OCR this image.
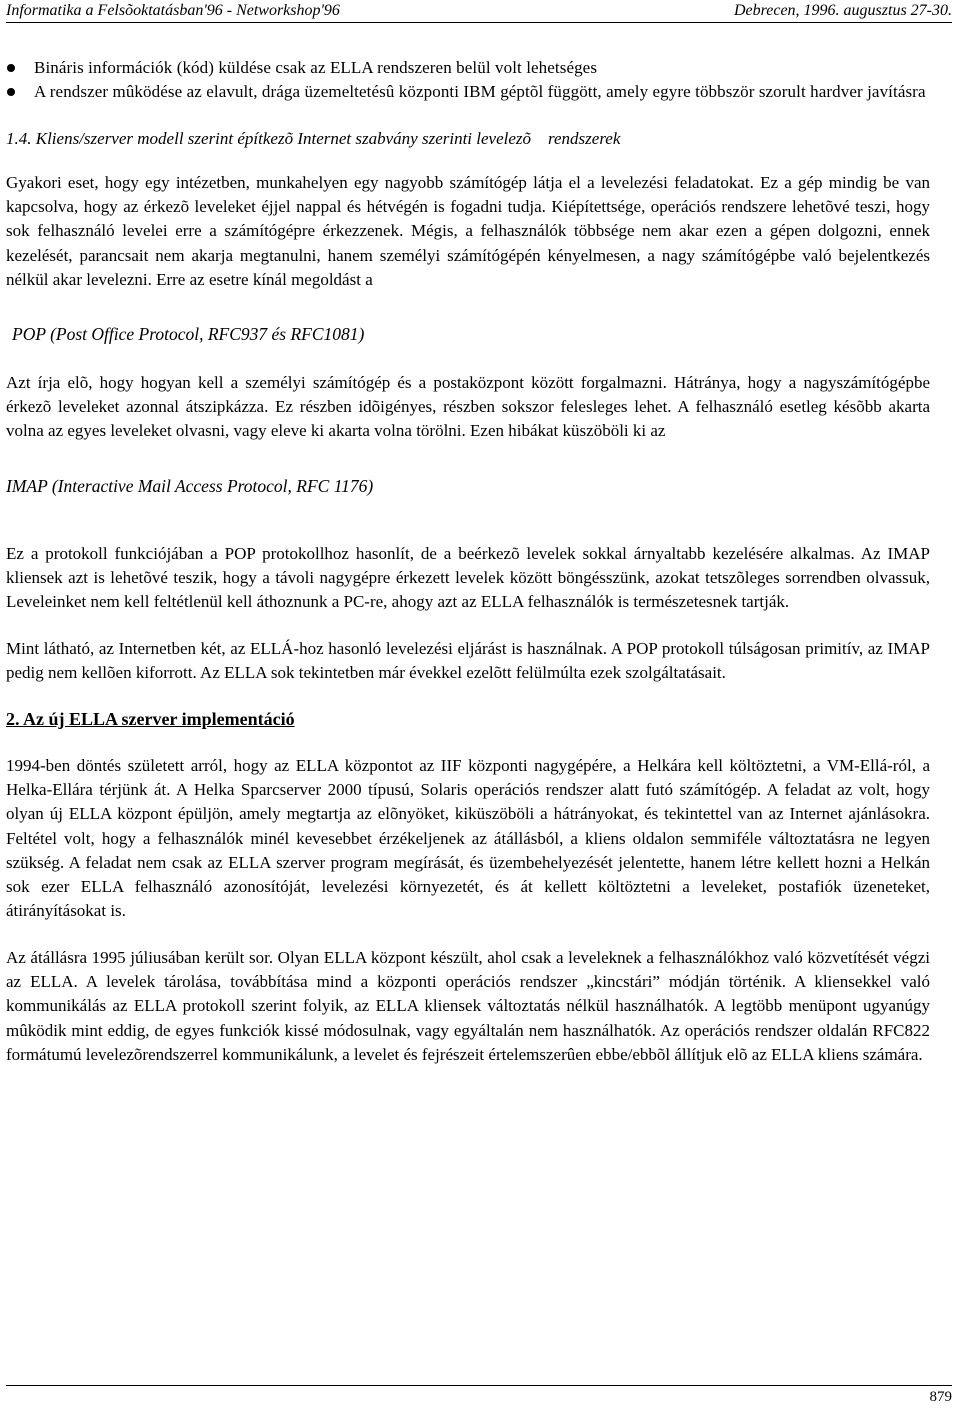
Informatika a Felsõoktatásban'96 - Networkshop'96	Debrecen, 1996. augusztus 27-30.
Bináris információk (kód) küldése csak az ELLA rendszeren belül volt lehetséges
A rendszer mûködése az elavult, drága üzemeltetésû központi IBM géptõl függött, amely egyre többször szorult hardver javításra

1.4. Kliens/szerver modell szerint építkezõ Internet szabvány szerinti levelezõ    rendszerek

Gyakori eset, hogy egy intézetben, munkahelyen egy nagyobb számítógép látja el a levelezési feladatokat. Ez a gép mindig be van kapcsolva, hogy az érkezõ leveleket éjjel nappal és hétvégén is fogadni tudja. Kiépítettsége, operációs rendszere lehetõvé teszi, hogy sok felhasználó levelei erre a számítógépre érkezzenek. Mégis, a felhasználók többsége nem akar ezen a gépen dolgozni, ennek kezelését, parancsait nem akarja megtanulni, hanem személyi számítógépén kényelmesen, a nagy számítógépbe való bejelentkezés nélkül akar levelezni. Erre az esetre kínál megoldást a

POP (Post Office Protocol, RFC937 és RFC1081)

Azt írja elõ, hogy hogyan kell a személyi számítógép és a postaközpont között forgalmazni. Hátránya, hogy a nagyszámítógépbe érkezõ leveleket azonnal átszipkázza. Ez részben idõigényes, részben sokszor felesleges lehet. A felhasználó esetleg késõbb akarta volna az egyes leveleket olvasni, vagy eleve ki akarta volna törölni. Ezen hibákat küszöböli ki az

IMAP (Interactive Mail Access Protocol, RFC 1176)

Ez a protokoll funkciójában a POP protokollhoz hasonlít, de a beérkezõ levelek sokkal árnyaltabb kezelésére alkalmas. Az IMAP kliensek azt is lehetõvé teszik, hogy a távoli nagygépre érkezett levelek között böngésszünk, azokat tetszõleges sorrendben olvassuk, Leveleinket nem kell feltétlenül kell áthoznunk a PC-re, ahogy azt az ELLA felhasználók is természetesnek tartják.

Mint látható, az Internetben két, az ELLÁ-hoz hasonló levelezési eljárást is használnak. A POP protokoll túlságosan primitív, az IMAP pedig nem kellõen kiforrott. Az ELLA sok tekintetben már évekkel ezelõtt felülmúlta ezek szolgáltatásait.

2. Az új ELLA szerver implementáció

1994-ben döntés született arról, hogy az ELLA központot az IIF központi nagygépére, a Helkára kell költöztetni, a VM-Ellá-ról, a Helka-Ellára térjünk át. A Helka Sparcserver 2000 típusú, Solaris operációs rendszer alatt futó számítógép. A feladat az volt, hogy olyan új ELLA központ épüljön, amely megtartja az elõnyöket, kiküszöböli a hátrányokat, és tekintettel van az Internet ajánlásokra. Feltétel volt, hogy a felhasználók minél kevesebbet érzékeljenek az átállásból, a kliens oldalon semmiféle változtatásra ne legyen szükség. A feladat nem csak az ELLA szerver program megírását, és üzembehelyezését jelentette, hanem létre kellett hozni a Helkán sok ezer ELLA felhasználó azonosítóját, levelezési környezetét, és át kellett költöztetni a leveleket, postafiók üzeneteket, átirányításokat is.

Az átállásra 1995 júliusában került sor. Olyan ELLA központ készült, ahol csak a leveleknek a felhasználókhoz való közvetítését végzi az ELLA. A levelek tárolása, továbbítása mind a központi operációs rendszer „kincstári” módján történik. A kliensekkel való kommunikálás az ELLA protokoll szerint folyik, az ELLA kliensek változtatás nélkül használhatók. A legtöbb menüpont ugyanúgy mûködik mint eddig, de egyes funkciók kissé módosulnak, vagy egyáltalán nem használhatók. Az operációs rendszer oldalán RFC822 formátumú levelezõrendszerrel kommunikálunk, a levelet és fejrészeit értelemszerûen ebbe/ebbõl állítjuk elõ az ELLA kliens számára.

879
